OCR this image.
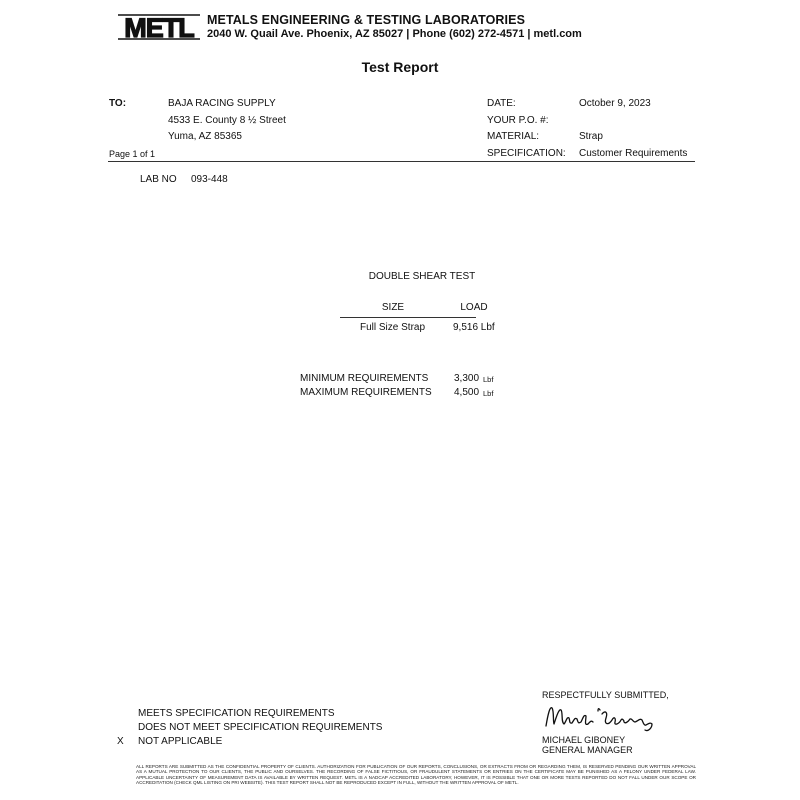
METL METALS ENGINEERING & TESTING LABORATORIES
2040 W. Quail Ave. Phoenix, AZ 85027 | Phone (602) 272-4571 | metl.com
Test Report
TO:	BAJA RACING SUPPLY
4533 E. County 8 ½ Street
Yuma, AZ 85365
Page 1 of 1
DATE:	October 9, 2023
YOUR P.O. #:
MATERIAL:	Strap
SPECIFICATION: Customer Requirements
LAB NO 093-448
DOUBLE SHEAR TEST
SIZE	LOAD
Full Size Strap	9,516 Lbf
MINIMUM REQUIREMENTS	3,300 Lbf
MAXIMUM REQUIREMENTS 4,500 Lbf
MEETS SPECIFICATION REQUIREMENTS
DOES NOT MEET SPECIFICATION REQUIREMENTS
X NOT APPLICABLE
RESPECTFULLY SUBMITTED,
MICHAEL GIBONEY
GENERAL MANAGER
ALL REPORTS ARE SUBMITTED AS THE CONFIDENTIAL PROPERTY OF CLIENTS. AUTHORIZATION FOR PUBLICATION OF OUR REPORTS, CONCLUSIONS, OR EXTRACTS FROM OR REGARDING THEM, IS RESERVED PENDING OUR WRITTEN APPROVAL AS A MUTUAL PROTECTION TO OUR CLIENTS, THE PUBLIC AND OURSELVES. THE RECORDING OF FALSE FICTITIOUS, OR FRAUDULENT STATEMENTS OR ENTRIES ON THE CERTIFICATE MAY BE PUNISHED AS A FELONY UNDER FEDERAL LAW. APPLICABLE UNCERTAINTY OF MEASUREMENT DATA IS AVAILABLE BY WRITTEN REQUEST. METL IS A NADCAP ACCREDITED LABORATORY, HOWEVER, IT IS POSSIBLE THAT ONE OR MORE TESTS REPORTED DO NOT FALL UNDER OUR SCOPE OR ACCREDITATION (CHECK QML LISTING ON PRI WEBSITE). THIS TEST REPORT SHALL NOT BE REPRODUCED EXCEPT IN FULL, WITHOUT THE WRITTEN APPROVAL OF METL.
